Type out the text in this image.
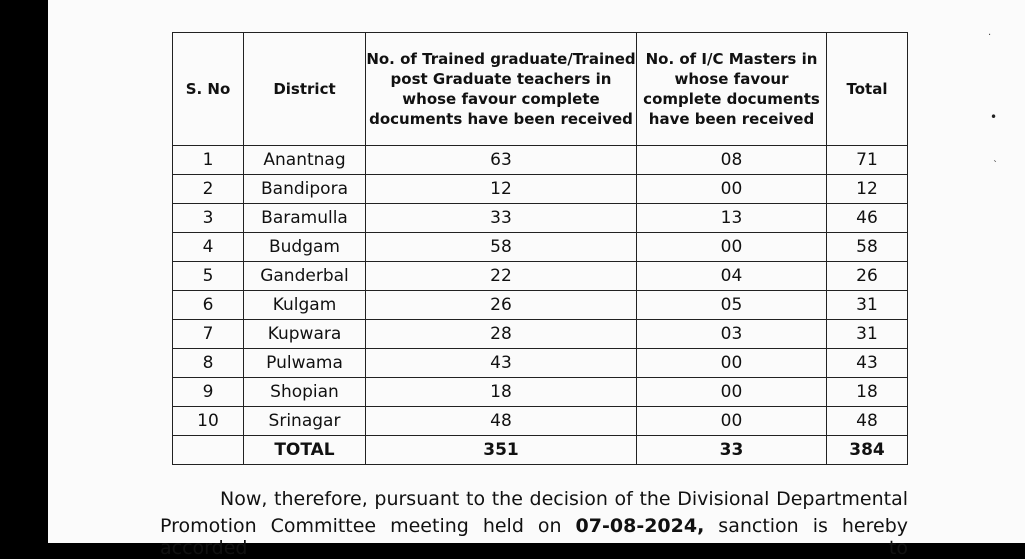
S. No	District	No. of Trained graduate/Trained post Graduate teachers in whose favour complete documents have been received	No. of I/C Masters in whose favour complete documents have been received	Total
1	Anantnag	63	08	71
2	Bandipora	12	00	12
3	Baramulla	33	13	46
4	Budgam	58	00	58
5	Ganderbal	22	04	26
6	Kulgam	26	05	31
7	Kupwara	28	03	31
8	Pulwama	43	00	43
9	Shopian	18	00	18
10	Srinagar	48	00	48
	TOTAL	351	33	384
Now, therefore, pursuant to the decision of the Divisional Departmental
Promotion Committee meeting held on 07-08-2024, sanction is hereby accorded to
·
•
`
